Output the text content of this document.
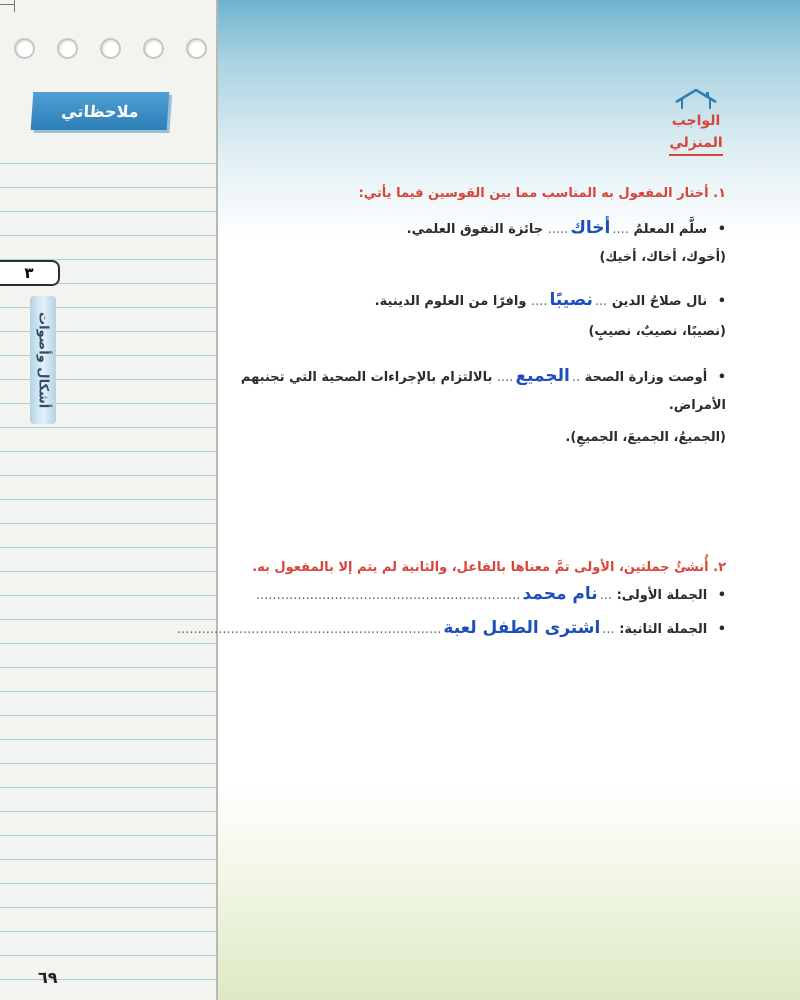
ملاحظاتي
٣
أشكال وأصوات
٦٩
الواجب
المنزلي
١. أختار المفعول به المناسب مما بين القوسين فيما يأتي:
• سلَّم المعلمُ ....أخاك..... جائزة التفوق العلمي.
(أخوك، أخاك، أخيك)
• نال صلاحُ الدين ...نصيبًا.... وافرًا من العلوم الدينية.
(نصيبًا، نصيبٌ، نصيبٍ)
• أوصت وزارة الصحة ..الجميع.... بالالتزام بالإجراءات الصحية التي تجنبهم
الأمراض.
(الجميعُ، الجميعَ، الجميعِ).
٢. أُنشئُ جملتين، الأولى تمَّ معناها بالفاعل، والثانية لم يتم إلا بالمفعول به.
• الجملة الأولى: ...نام محمد................................................................
• الجملة الثانية: ...اشترى الطفل لعبة................................................................
